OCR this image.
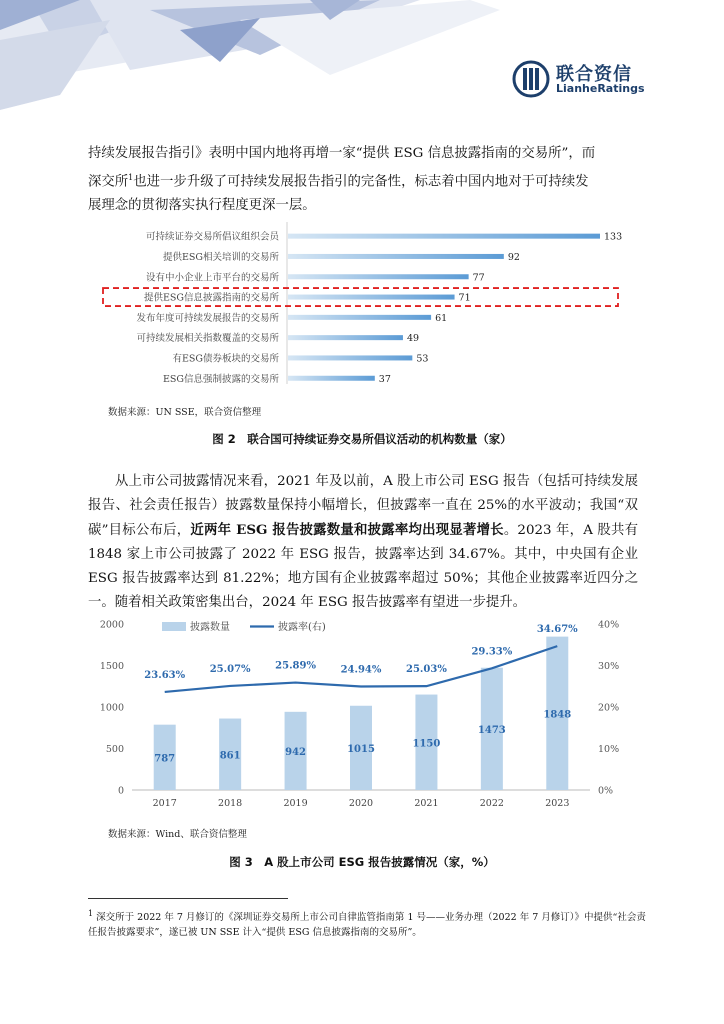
联合资信
LianheRatings

持续发展报告指引》表明中国内地将再增一家“提供 ESG 信息披露指南的交易所”，而

深交所$^1$也进一步升级了可持续发展报告指引的完备性，标志着中国内地对于可持续发

展理念的贯彻落实执行程度更深一层。

可持续证券交易所倡议组织会员	133
提供ESG相关培训的交易所	92
设有中小企业上市平台的交易所	77
提供ESG信息披露指南的交易所	71
发布年度可持续发展报告的交易所	61
可持续发展相关指数覆盖的交易所	49
有ESG债券板块的交易所	53
ESG信息强制披露的交易所	37
数据来源：UN SSE，联合资信整理
图 2　联合国可持续证券交易所倡议活动的机构数量（家）
从上市公司披露情况来看，2021 年及以前，A 股上市公司 ESG 报告（包括可持续发展报告、社会责任报告）披露数量保持小幅增长，但披露率一直在 25%的水平波动；我国“双碳”目标公布后，近两年 ESG 报告披露数量和披露率均出现显著增长。2023 年，A 股共有 1848 家上市公司披露了 2022 年 ESG 报告，披露率达到 34.67%。其中，中央国有企业 ESG 报告披露率达到 81.22%；地方国有企业披露率超过 50%；其他企业披露率近四分之一。随着相关政策密集出台，2024 年 ESG 报告披露率有望进一步提升。
0
500
1000
1500
2000
0%
10%
20%
30%
40%
787
2017
23.63%
861
2018
25.07%
942
2019
25.89%
1015
2020
24.94%
1150
2021
25.03%
1473
2022
29.33%
1848
2023
34.67%
披露数量	披露率(右)
数据来源：Wind、联合资信整理
图 3　A 股上市公司 ESG 报告披露情况（家，%）
$^1$ 深交所于 2022 年 7 月修订的《深圳证券交易所上市公司自律监管指南第 1 号——业务办理（2022 年 7 月修订）》中提供“社会责任报告披露要求”，遂已被 UN SSE 计入“提供 ESG 信息披露指南的交易所”。
